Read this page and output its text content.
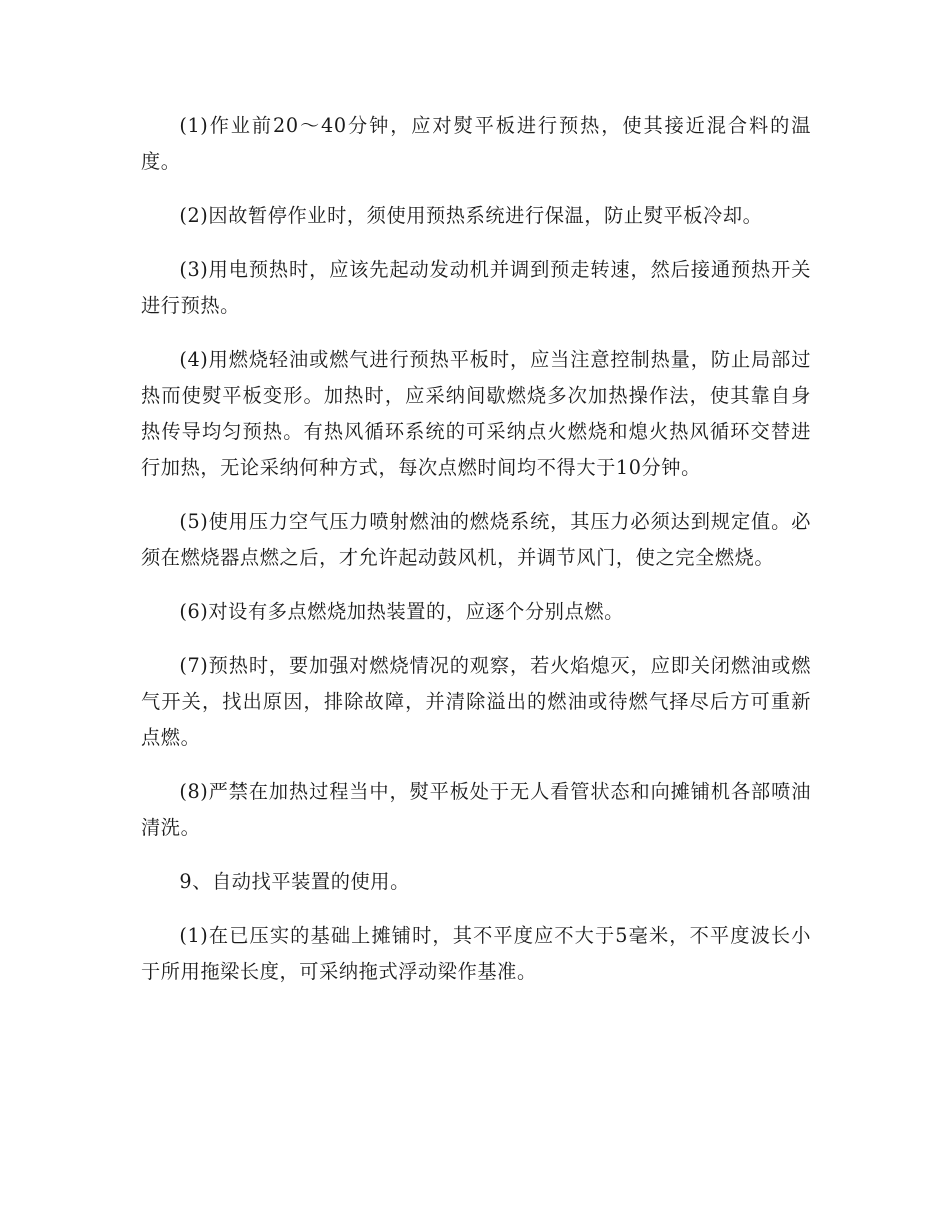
(1)作业前20～40分钟，应对熨平板进行预热，使其接近混合料的温度。

(2)因故暂停作业时，须使用预热系统进行保温，防止熨平板冷却。

(3)用电预热时，应该先起动发动机并调到预走转速，然后接通预热开关进行预热。

(4)用燃烧轻油或燃气进行预热平板时，应当注意控制热量，防止局部过热而使熨平板变形。加热时，应采纳间歇燃烧多次加热操作法，使其靠自身热传导均匀预热。有热风循环系统的可采纳点火燃烧和熄火热风循环交替进行加热，无论采纳何种方式，每次点燃时间均不得大于10分钟。

(5)使用压力空气压力喷射燃油的燃烧系统，其压力必须达到规定值。必须在燃烧器点燃之后，才允许起动鼓风机，并调节风门，使之完全燃烧。

(6)对设有多点燃烧加热装置的，应逐个分别点燃。

(7)预热时，要加强对燃烧情况的观察，若火焰熄灭，应即关闭燃油或燃气开关，找出原因，排除故障，并清除溢出的燃油或待燃气择尽后方可重新点燃。

(8)严禁在加热过程当中，熨平板处于无人看管状态和向摊铺机各部喷油清洗。

9、自动找平装置的使用。

(1)在已压实的基础上摊铺时，其不平度应不大于5毫米，不平度波长小于所用拖梁长度，可采纳拖式浮动梁作基准。
